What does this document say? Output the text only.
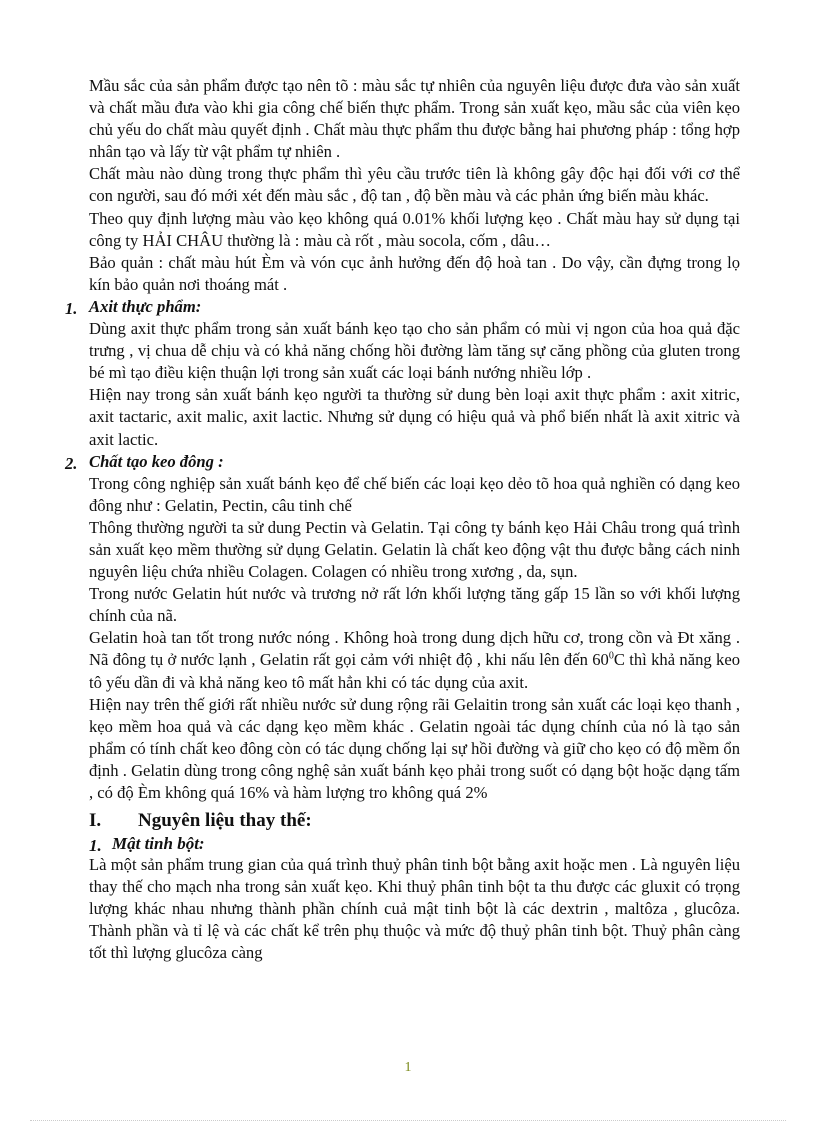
Mầu sắc của sản phẩm được tạo nên tõ : màu sắc tự nhiên của nguyên liệu được đưa vào sản xuất và chất mầu đưa vào khi gia công chế biến thực phẩm. Trong sản xuất kẹo, mầu sắc của viên kẹo chủ yếu do chất màu quyết định . Chất màu thực phẩm thu được bằng hai phương pháp : tổng hợp nhân tạo và lấy từ vật phẩm tự nhiên .

Chất màu nào dùng trong thực phẩm thì yêu cầu trước tiên là không gây độc hại đối với cơ thể con người, sau đó mới xét đến màu sắc , độ tan , độ bền màu và các phản ứng biến màu khác.

Theo quy định lượng màu vào kẹo không quá 0.01% khối lượng kẹo . Chất màu hay sử dụng tại công ty HẢI CHÂU thường là : màu cà rốt , màu socola, cốm , dâu…

Bảo quản : chất màu hút Èm và vón cục ảnh hưởng đến độ hoà tan . Do vậy, cần đựng trong lọ kín bảo quản nơi thoáng mát .

1. Axit thực phẩm:

Dùng axit thực phẩm trong sản xuất bánh kẹo tạo cho sản phẩm có mùi vị ngon của hoa quả đặc trưng , vị chua dễ chịu và có khả năng chống hồi đường làm tăng sự căng phồng của gluten trong bé mì tạo điều kiện thuận lợi trong sản xuất các loại bánh nướng nhiều lớp .

Hiện nay trong sản xuất bánh kẹo người ta thường sử dung bèn loại axit thực phẩm : axit xitric, axit tactaric, axit malic, axit lactic. Nhưng sử dụng có hiệu quả và phổ biến nhất là axit xitric và axit lactic.

2. Chất tạo keo đông :

Trong công nghiệp sản xuất bánh kẹo để chế biến các loại kẹo dẻo tõ hoa quả nghiền có dạng keo đông như : Gelatin, Pectin, câu tinh chế

Thông thường người ta sử dung Pectin và Gelatin. Tại công ty bánh kẹo Hải Châu trong quá trình sản xuất kẹo mềm thường sử dụng Gelatin. Gelatin là chất keo động vật thu được bằng cách ninh nguyên liệu chứa nhiều Colagen. Colagen có nhiều trong xương , da, sụn.

Trong nước Gelatin hút nước và trương nở rất lớn khối lượng tăng gấp 15 lần so với khối lượng chính của nã.

Gelatin hoà tan tốt trong nước nóng . Không hoà trong dung dịch hữu cơ, trong cồn và Đt xăng . Nã đông tụ ở nước lạnh , Gelatin rất gọi cảm với nhiệt độ , khi nấu lên đến $60^0C$ thì khả năng keo tô yếu dần đi và khả năng keo tô mất hẳn khi có tác dụng của axit.

Hiện nay trên thế giới rất nhiều nước sử dung rộng rãi Gelaitin trong sản xuất các loại kẹo thanh , kẹo mềm hoa quả và các dạng kẹo mềm khác . Gelatin ngoài tác dụng chính của nó là tạo sản phẩm có tính chất keo đông còn có tác dụng chống lại sự hồi đường và giữ cho kẹo có độ mềm ổn định . Gelatin dùng trong công nghệ sản xuất bánh kẹo phải trong suốt có dạng bột hoặc dạng tấm , có độ Èm không quá 16% và hàm lượng tro không quá 2%

I. Nguyên liệu thay thế:
1. Mật tinh bột:

Là một sản phẩm trung gian của quá trình thuỷ phân tinh bột bằng axit hoặc men . Là nguyên liệu thay thế cho mạch nha trong sản xuất kẹo. Khi thuỷ phân tinh bột ta thu được các gluxit có trọng lượng khác nhau nhưng thành phần chính cuả mật tinh bột là các dextrin , maltôza , glucôza. Thành phần và tỉ lệ và các chất kể trên phụ thuộc và mức độ thuỷ phân tinh bột. Thuỷ phân càng tốt thì lượng glucôza càng

1
